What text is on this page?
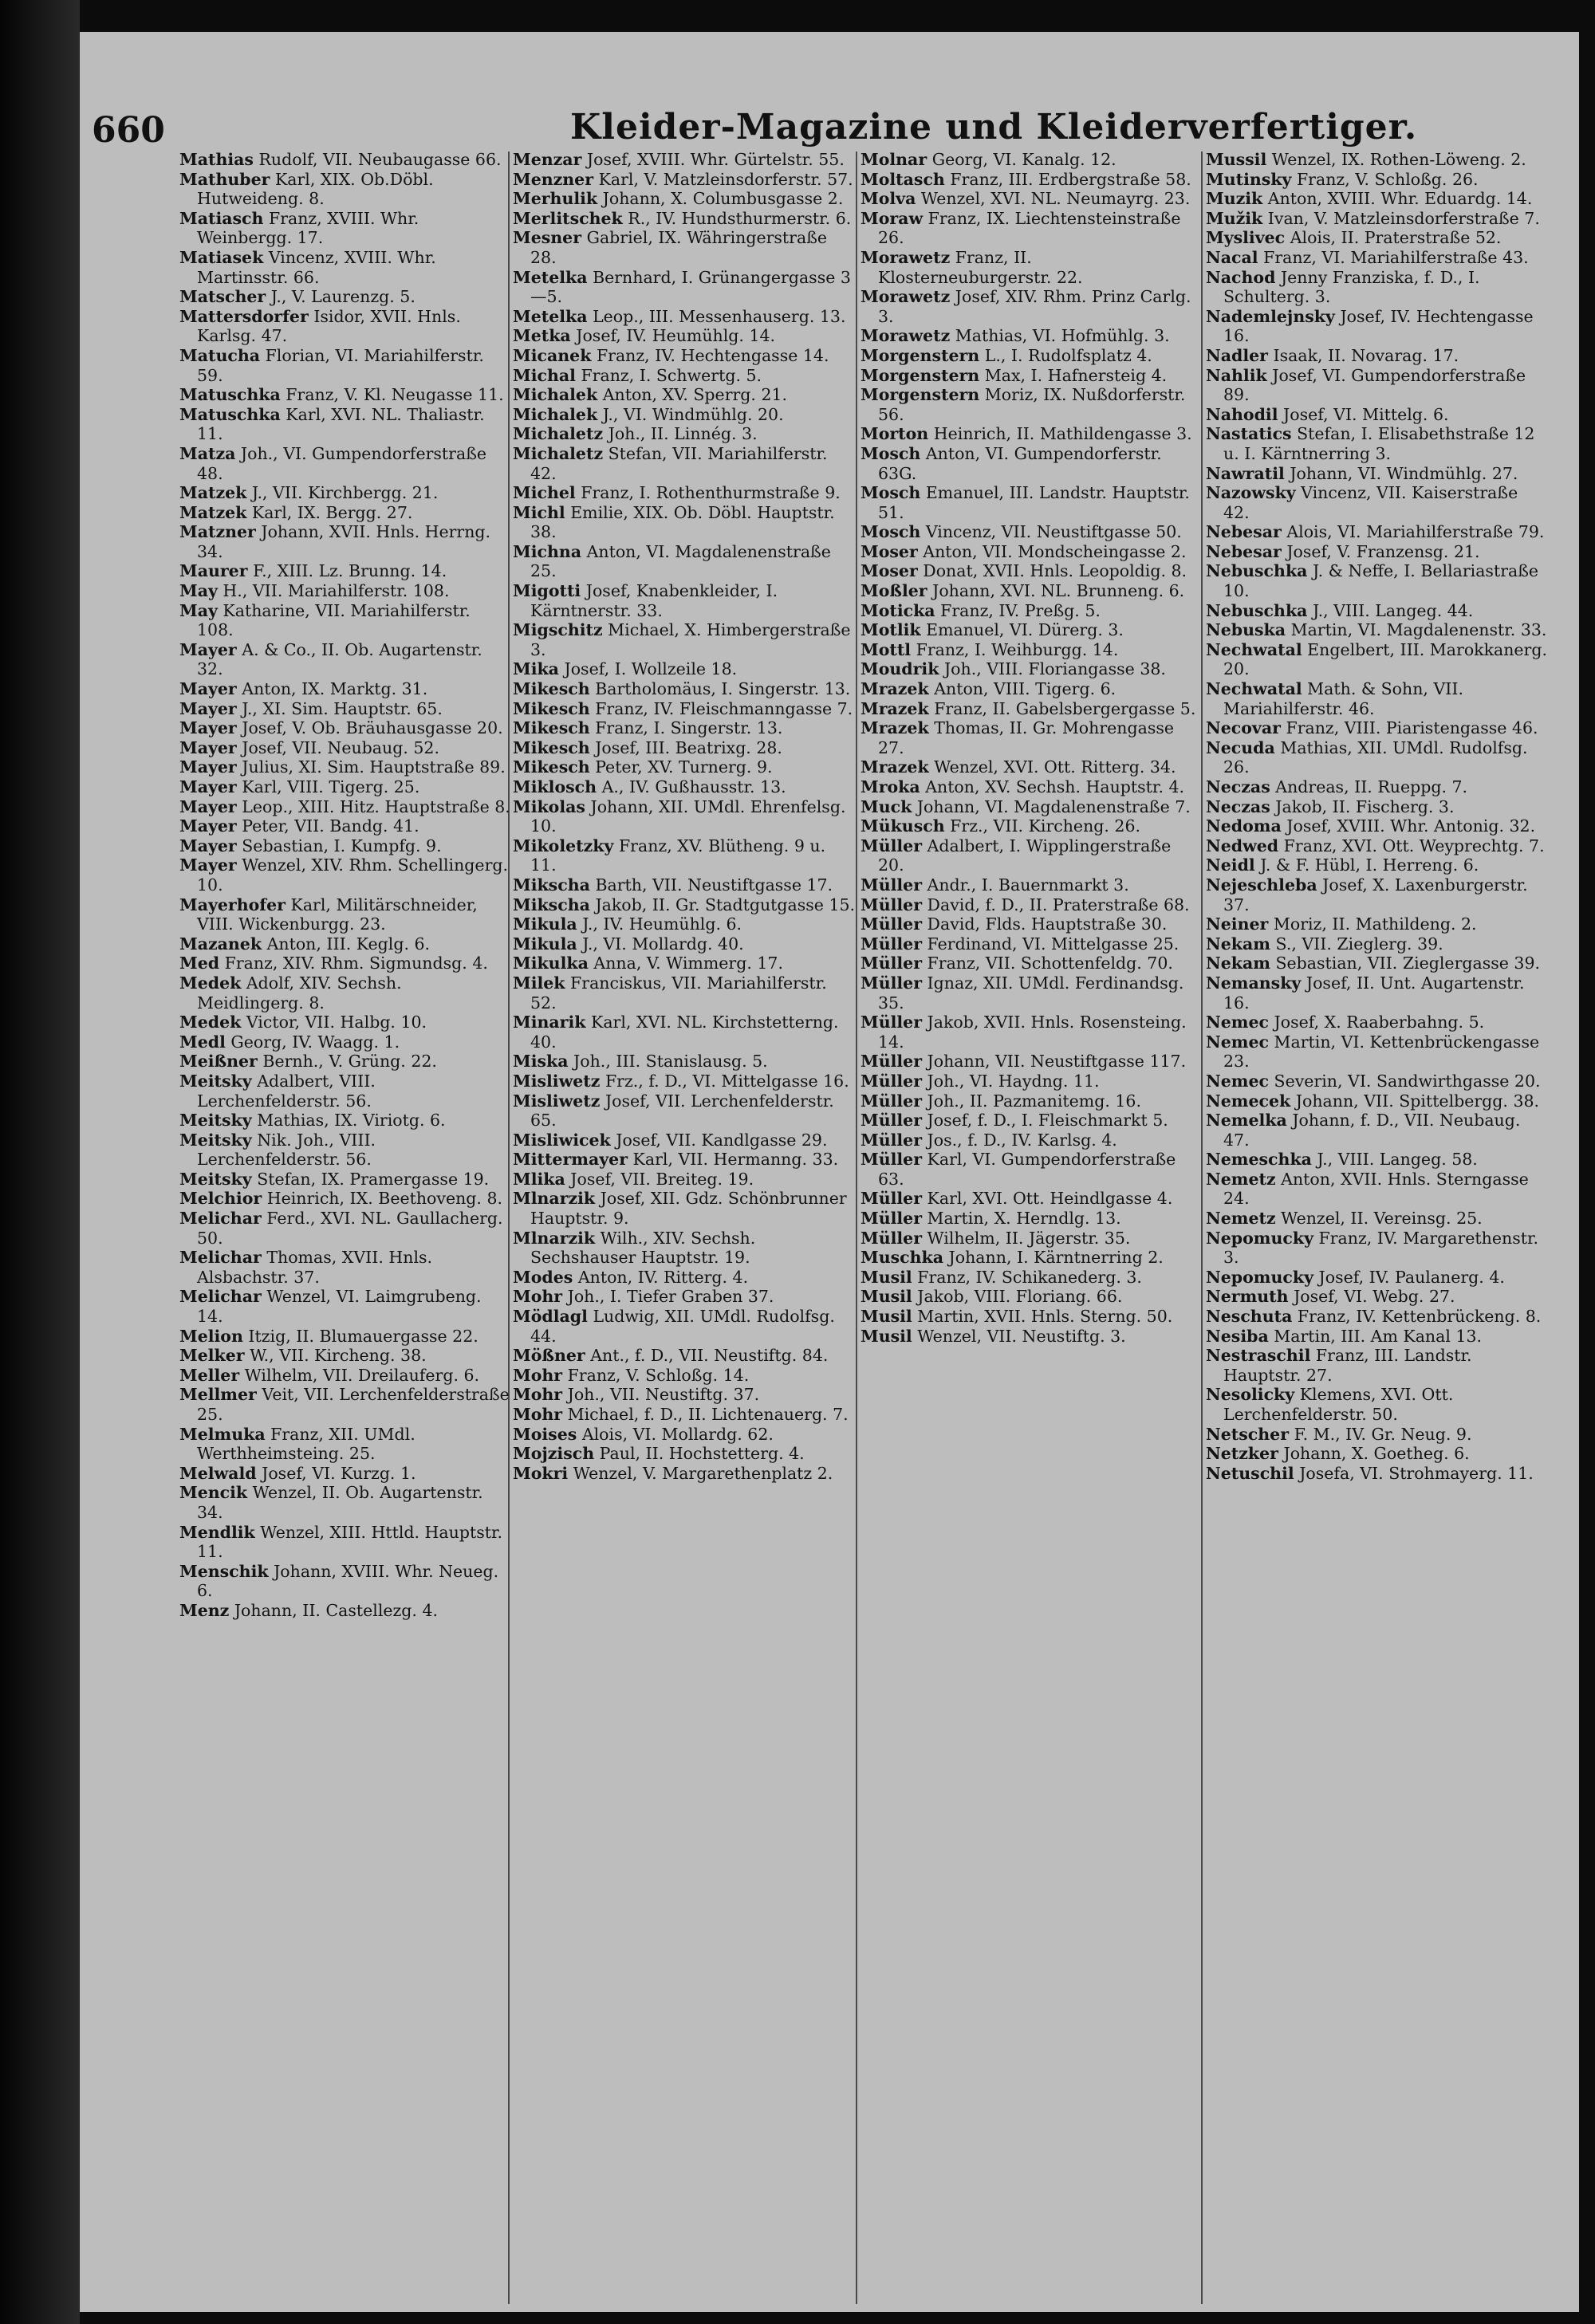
660	Kleider-Magazine und Kleiderverfertiger.

Mathias Rudolf, VII. Neubaugasse 66.

Mathuber Karl, XIX. Ob.Döbl. Hutweideng. 8.

Matiasch Franz, XVIII. Whr. Weinbergg. 17.

Matiasek Vincenz, XVIII. Whr. Martinsstr. 66.

Matscher J., V. Laurenzg. 5.

Mattersdorfer Isidor, XVII. Hnls. Karlsg. 47.

Matucha Florian, VI. Mariahilferstr. 59.

Matuschka Franz, V. Kl. Neugasse 11.

Matuschka Karl, XVI. NL. Thaliastr. 11.

Matza Joh., VI. Gumpendorferstraße 48.

Matzek J., VII. Kirchbergg. 21.

Matzek Karl, IX. Bergg. 27.

Matzner Johann, XVII. Hnls. Herrng. 34.

Maurer F., XIII. Lz. Brunng. 14.

May H., VII. Mariahilferstr. 108.

May Katharine, VII. Mariahilferstr. 108.

Mayer A. & Co., II. Ob. Augartenstr. 32.

Mayer Anton, IX. Marktg. 31.

Mayer J., XI. Sim. Hauptstr. 65.

Mayer Josef, V. Ob. Bräuhausgasse 20.

Mayer Josef, VII. Neubaug. 52.

Mayer Julius, XI. Sim. Hauptstraße 89.

Mayer Karl, VIII. Tigerg. 25.

Mayer Leop., XIII. Hitz. Hauptstraße 8.

Mayer Peter, VII. Bandg. 41.

Mayer Sebastian, I. Kumpfg. 9.

Mayer Wenzel, XIV. Rhm. Schellingerg. 10.

Mayerhofer Karl, Militärschneider, VIII. Wickenburgg. 23.

Mazanek Anton, III. Keglg. 6.

Med Franz, XIV. Rhm. Sigmundsg. 4.

Medek Adolf, XIV. Sechsh. Meidlingerg. 8.

Medek Victor, VII. Halbg. 10.

Medl Georg, IV. Waagg. 1.

Meißner Bernh., V. Grüng. 22.

Meitsky Adalbert, VIII. Lerchenfelderstr. 56.

Meitsky Mathias, IX. Viriotg. 6.

Meitsky Nik. Joh., VIII. Lerchenfelderstr. 56.

Meitsky Stefan, IX. Pramergasse 19.

Melchior Heinrich, IX. Beethoveng. 8.

Melichar Ferd., XVI. NL. Gaullacherg. 50.

Melichar Thomas, XVII. Hnls. Alsbachstr. 37.

Melichar Wenzel, VI. Laimgrubeng. 14.

Melion Itzig, II. Blumauergasse 22.

Melker W., VII. Kircheng. 38.

Meller Wilhelm, VII. Dreilauferg. 6.

Mellmer Veit, VII. Lerchenfelderstraße 25.

Melmuka Franz, XII. UMdl. Werthheimsteing. 25.

Melwald Josef, VI. Kurzg. 1.

Mencik Wenzel, II. Ob. Augartenstr. 34.

Mendlik Wenzel, XIII. Httld. Hauptstr. 11.

Menschik Johann, XVIII. Whr. Neueg. 6.

Menz Johann, II. Castellezg. 4.

Menzar Josef, XVIII. Whr. Gürtelstr. 55.

Menzner Karl, V. Matzleinsdorferstr. 57.

Merhulik Johann, X. Columbusgasse 2.

Merlitschek R., IV. Hundsthurmerstr. 6.

Mesner Gabriel, IX. Währingerstraße 28.

Metelka Bernhard, I. Grünangergasse 3—5.

Metelka Leop., III. Messenhauserg. 13.

Metka Josef, IV. Heumühlg. 14.

Micanek Franz, IV. Hechtengasse 14.

Michal Franz, I. Schwertg. 5.

Michalek Anton, XV. Sperrg. 21.

Michalek J., VI. Windmühlg. 20.

Michaletz Joh., II. Linnég. 3.

Michaletz Stefan, VII. Mariahilferstr. 42.

Michel Franz, I. Rothenthurmstraße 9.

Michl Emilie, XIX. Ob. Döbl. Hauptstr. 38.

Michna Anton, VI. Magdalenenstraße 25.

Migotti Josef, Knabenkleider, I. Kärntnerstr. 33.

Migschitz Michael, X. Himbergerstraße 3.

Mika Josef, I. Wollzeile 18.

Mikesch Bartholomäus, I. Singerstr. 13.

Mikesch Franz, IV. Fleischmanngasse 7.

Mikesch Franz, I. Singerstr. 13.

Mikesch Josef, III. Beatrixg. 28.

Mikesch Peter, XV. Turnerg. 9.

Miklosch A., IV. Gußhausstr. 13.

Mikolas Johann, XII. UMdl. Ehrenfelsg. 10.

Mikoletzky Franz, XV. Blütheng. 9 u. 11.

Mikscha Barth, VII. Neustiftgasse 17.

Mikscha Jakob, II. Gr. Stadtgutgasse 15.

Mikula J., IV. Heumühlg. 6.

Mikula J., VI. Mollardg. 40.

Mikulka Anna, V. Wimmerg. 17.

Milek Franciskus, VII. Mariahilferstr. 52.

Minarik Karl, XVI. NL. Kirchstetterng. 40.

Miska Joh., III. Stanislausg. 5.

Misliwetz Frz., f. D., VI. Mittelgasse 16.

Misliwetz Josef, VII. Lerchenfelderstr. 65.

Misliwicek Josef, VII. Kandlgasse 29.

Mittermayer Karl, VII. Hermanng. 33.

Mlika Josef, VII. Breiteg. 19.

Mlnarzik Josef, XII. Gdz. Schönbrunner Hauptstr. 9.

Mlnarzik Wilh., XIV. Sechsh. Sechshauser Hauptstr. 19.

Modes Anton, IV. Ritterg. 4.

Mohr Joh., I. Tiefer Graben 37.

Mödlagl Ludwig, XII. UMdl. Rudolfsg. 44.

Mößner Ant., f. D., VII. Neustiftg. 84.

Mohr Franz, V. Schloßg. 14.

Mohr Joh., VII. Neustiftg. 37.

Mohr Michael, f. D., II. Lichtenauerg. 7.

Moises Alois, VI. Mollardg. 62.

Mojzisch Paul, II. Hochstetterg. 4.

Mokri Wenzel, V. Margarethenplatz 2.

Molnar Georg, VI. Kanalg. 12.

Moltasch Franz, III. Erdbergstraße 58.

Molva Wenzel, XVI. NL. Neumayrg. 23.

Moraw Franz, IX. Liechtensteinstraße 26.

Morawetz Franz, II. Klosterneuburgerstr. 22.

Morawetz Josef, XIV. Rhm. Prinz Carlg. 3.

Morawetz Mathias, VI. Hofmühlg. 3.

Morgenstern L., I. Rudolfsplatz 4.

Morgenstern Max, I. Hafnersteig 4.

Morgenstern Moriz, IX. Nußdorferstr. 56.

Morton Heinrich, II. Mathildengasse 3.

Mosch Anton, VI. Gumpendorferstr. 63G.

Mosch Emanuel, III. Landstr. Hauptstr. 51.

Mosch Vincenz, VII. Neustiftgasse 50.

Moser Anton, VII. Mondscheingasse 2.

Moser Donat, XVII. Hnls. Leopoldig. 8.

Moßler Johann, XVI. NL. Brunneng. 6.

Moticka Franz, IV. Preßg. 5.

Motlik Emanuel, VI. Dürerg. 3.

Mottl Franz, I. Weihburgg. 14.

Moudrik Joh., VIII. Floriangasse 38.

Mrazek Anton, VIII. Tigerg. 6.

Mrazek Franz, II. Gabelsbergergasse 5.

Mrazek Thomas, II. Gr. Mohrengasse 27.

Mrazek Wenzel, XVI. Ott. Ritterg. 34.

Mroka Anton, XV. Sechsh. Hauptstr. 4.

Muck Johann, VI. Magdalenenstraße 7.

Mükusch Frz., VII. Kircheng. 26.

Müller Adalbert, I. Wipplingerstraße 20.

Müller Andr., I. Bauernmarkt 3.

Müller David, f. D., II. Praterstraße 68.

Müller David, Flds. Hauptstraße 30.

Müller Ferdinand, VI. Mittelgasse 25.

Müller Franz, VII. Schottenfeldg. 70.

Müller Ignaz, XII. UMdl. Ferdinandsg. 35.

Müller Jakob, XVII. Hnls. Rosensteing. 14.

Müller Johann, VII. Neustiftgasse 117.

Müller Joh., VI. Haydng. 11.

Müller Joh., II. Pazmanitemg. 16.

Müller Josef, f. D., I. Fleischmarkt 5.

Müller Jos., f. D., IV. Karlsg. 4.

Müller Karl, VI. Gumpendorferstraße 63.

Müller Karl, XVI. Ott. Heindlgasse 4.

Müller Martin, X. Herndlg. 13.

Müller Wilhelm, II. Jägerstr. 35.

Muschka Johann, I. Kärntnerring 2.

Musil Franz, IV. Schikanederg. 3.

Musil Jakob, VIII. Floriang. 66.

Musil Martin, XVII. Hnls. Sterng. 50.

Musil Wenzel, VII. Neustiftg. 3.

Mussil Wenzel, IX. Rothen-Löweng. 2.

Mutinsky Franz, V. Schloßg. 26.

Muzik Anton, XVIII. Whr. Eduardg. 14.

Mužik Ivan, V. Matzleinsdorferstraße 7.

Myslivec Alois, II. Praterstraße 52.

Nacal Franz, VI. Mariahilferstraße 43.

Nachod Jenny Franziska, f. D., I. Schulterg. 3.

Nademlejnsky Josef, IV. Hechtengasse 16.

Nadler Isaak, II. Novarag. 17.

Nahlik Josef, VI. Gumpendorferstraße 89.

Nahodil Josef, VI. Mittelg. 6.

Nastatics Stefan, I. Elisabethstraße 12 u. I. Kärntnerring 3.

Nawratil Johann, VI. Windmühlg. 27.

Nazowsky Vincenz, VII. Kaiserstraße 42.

Nebesar Alois, VI. Mariahilferstraße 79.

Nebesar Josef, V. Franzensg. 21.

Nebuschka J. & Neffe, I. Bellariastraße 10.

Nebuschka J., VIII. Langeg. 44.

Nebuska Martin, VI. Magdalenenstr. 33.

Nechwatal Engelbert, III. Marokkanerg. 20.

Nechwatal Math. & Sohn, VII. Mariahilferstr. 46.

Necovar Franz, VIII. Piaristengasse 46.

Necuda Mathias, XII. UMdl. Rudolfsg. 26.

Neczas Andreas, II. Rueppg. 7.

Neczas Jakob, II. Fischerg. 3.

Nedoma Josef, XVIII. Whr. Antonig. 32.

Nedwed Franz, XVI. Ott. Weyprechtg. 7.

Neidl J. & F. Hübl, I. Herreng. 6.

Nejeschleba Josef, X. Laxenburgerstr. 37.

Neiner Moriz, II. Mathildeng. 2.

Nekam S., VII. Zieglerg. 39.

Nekam Sebastian, VII. Zieglergasse 39.

Nemansky Josef, II. Unt. Augartenstr. 16.

Nemec Josef, X. Raaberbahng. 5.

Nemec Martin, VI. Kettenbrückengasse 23.

Nemec Severin, VI. Sandwirthgasse 20.

Nemecek Johann, VII. Spittelbergg. 38.

Nemelka Johann, f. D., VII. Neubaug. 47.

Nemeschka J., VIII. Langeg. 58.

Nemetz Anton, XVII. Hnls. Sterngasse 24.

Nemetz Wenzel, II. Vereinsg. 25.

Nepomucky Franz, IV. Margarethenstr. 3.

Nepomucky Josef, IV. Paulanerg. 4.

Nermuth Josef, VI. Webg. 27.

Neschuta Franz, IV. Kettenbrückeng. 8.

Nesiba Martin, III. Am Kanal 13.

Nestraschil Franz, III. Landstr. Hauptstr. 27.

Nesolicky Klemens, XVI. Ott. Lerchenfelderstr. 50.

Netscher F. M., IV. Gr. Neug. 9.

Netzker Johann, X. Goetheg. 6.

Netuschil Josefa, VI. Strohmayerg. 11.
